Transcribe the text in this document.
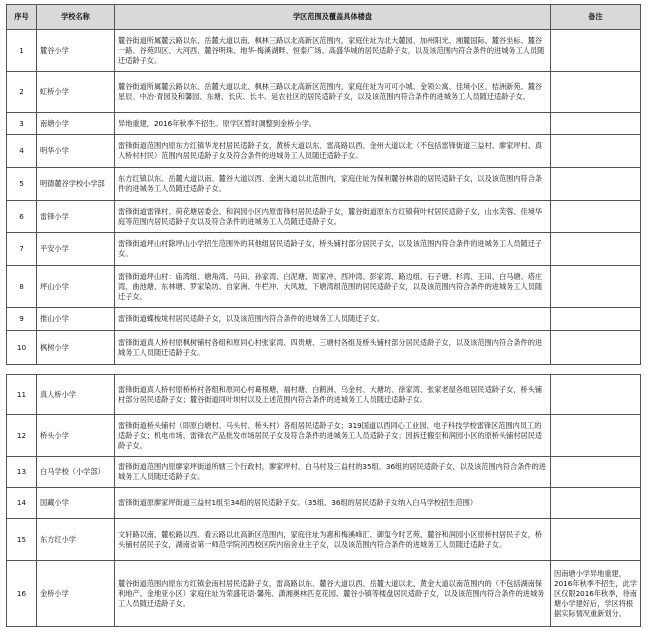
序号	学校名称	学区范围及覆盖具体楼盘	备注
1	麓谷小学	麓谷街道所属麓云路以东、岳麓大道以南、枫林三路以北高新区范围内，家庭住址为北大麓园、加州阳光、湘麓国际、麓谷坐标、麓谷一路、谷苑四区、大河西、麓谷明珠、地华·梅溪湖畔、恒泰广场、高盛华城的居民适龄子女，以及该范围内符合条件的进城务工人员随迁适龄子女。	
2	虹桥小学	麓谷街道所属麓云路以东、岳麓大道以北、枫林三路以北高新区范围内，家庭住址为可可小城、金领公寓、佳境小区、桔洲新苑、麓谷星辰、中冶·青园及和馨园、东塘、长庆、长丰、延农社区的居民适龄子女，以及该范围内符合条件的进城务工人员随迁适龄子女。	
3	南塘小学	异地重建，2016年秋季不招生。原学区暂时调整到金桥小学。	
4	明华小学	雷锋街道范围内原东方红镇华龙村居民适龄子女，黄桥大道以东、雷高路以西、金州大道以北（不包括雷锋街道三益村、廖家坪村、真人桥村村民）范围内居民适龄子女及符合条件的进城务工人员随迁适龄子女。	
5	明德麓谷学校小学部	东方红镇以东、岳麓大道以南、麓谷大道以西、金洲大道以北范围内，家庭住址为保利麓谷林语的居民适龄子女，以及该范围内符合条件的进城务工人员随迁适龄子女。	
6	雷锋小学	雷锋街道雷锋村、荷花塘居委会、和润园小区内原雷锋村居民适龄子女，麓谷街道原东方红镇荷叶村居民适龄子女，山水芙蓉、佳境华庭等范围内居民适龄子女以及符合条件的进城务工人员随迁适龄子女。	
7	平安小学	雷锋街道坪山村除坪山小学招生范围外的其他组居民适龄子女，桥头铺村部分居民子女，以及该范围内符合条件的进城务工人员随迁子女。	
8	坪山小学	雷锋街道坪山村：庙湾组、塘角湾、马田、孙家湾、白泥塘、周家冲、西冲湾、彭家湾、路边组、石子塘、杉湾、王田、白马塘、塔庄湾、曲池塘、东林塘、罗家染坊、自家洲、牛栏冲、大风坡、下塘湾组范围的居民适龄子女，以及该范围内符合条件的进城务工人员随迁子女。	
9	推山小学	雷锋街道蝶梭垅村居民适龄子女，以及该范围内符合条件的进城务工人员随迁子女。	
10	枫树小学	雷锋街道真人桥村原枫树铺村各组和原同心村张家湾、四贵塘、三塘村各组及桥头铺村部分居民适龄子女，以及该范围内符合条件的进城务工人员随迁适龄子女。	
11	真人桥小学	雷锋街道真人桥村原桥桥村各组和原同心村葛根塘、福村塘、白鹤洲、乌金村、大塘坊、徐家湾、张家老屋各组居民适龄子女，桥头铺村部分居民适龄子女；麓谷街道同叶坝村以及上述范围内符合条件的进城务工人员随迁适龄子女。	
12	桥头小学	雷锋街道桥头铺村（即原白塘村、马头村、桥头村）各组居民适龄子女；319国道以西同心工业园、电子科技学校雷锋区范围内员工的适龄子女；机电市场、雷锋农产品批发市场居民子女及符合条件的进城务工人员适龄子女；因拆迁搬至和润园小区的原桥头铺村居民适龄子女。	
13	白马学校（小学部）	雷锋街道范围内原廖家坪街道所辖三个行政村，廖家坪村、白马村及三益村的35组、36组的居民适龄子女，以及该范围内符合条件的进城务工人员随迁适龄子女。	
14	国藏小学	雷锋街道原廖家坪街道三益村1组至34组的居民适龄子女。（35组、36组的居民适龄子女纳入白马学校招生范围）	
15	东方红小学	文轩路以南、麓松路以西、看云路以北高新区范围内，家庭住址为惠和梅溪峰汇、御玺今时艺苑、麓谷和润园小区原桥村居民子女，桥头铺村居民子女，湖南省第一师范学院河西校区院内宿舍业主子女，以及该范围内符合条件的进城务工人员随迁适龄子女。	
16	金桥小学	麓谷街道范围内原东方红镇金南村居民适龄子女，雷高路以东、麓谷大道以西、岳麓大道以北、黄金大道以南范围内的（不包括湖南保利地产、金地亚小区）家庭住址为荣盛花语·馨苑、潇湘奥林匹克花园、麓谷小镇等楼盘居民适龄子女，以及该范围内符合条件的进城务工人员随迁适龄子女。	因南塘小学异地重建，2016年秋季不招生，此学区仅限2016年秋季，待南塘小学建好后，学区将根据实际情况重新划分。
